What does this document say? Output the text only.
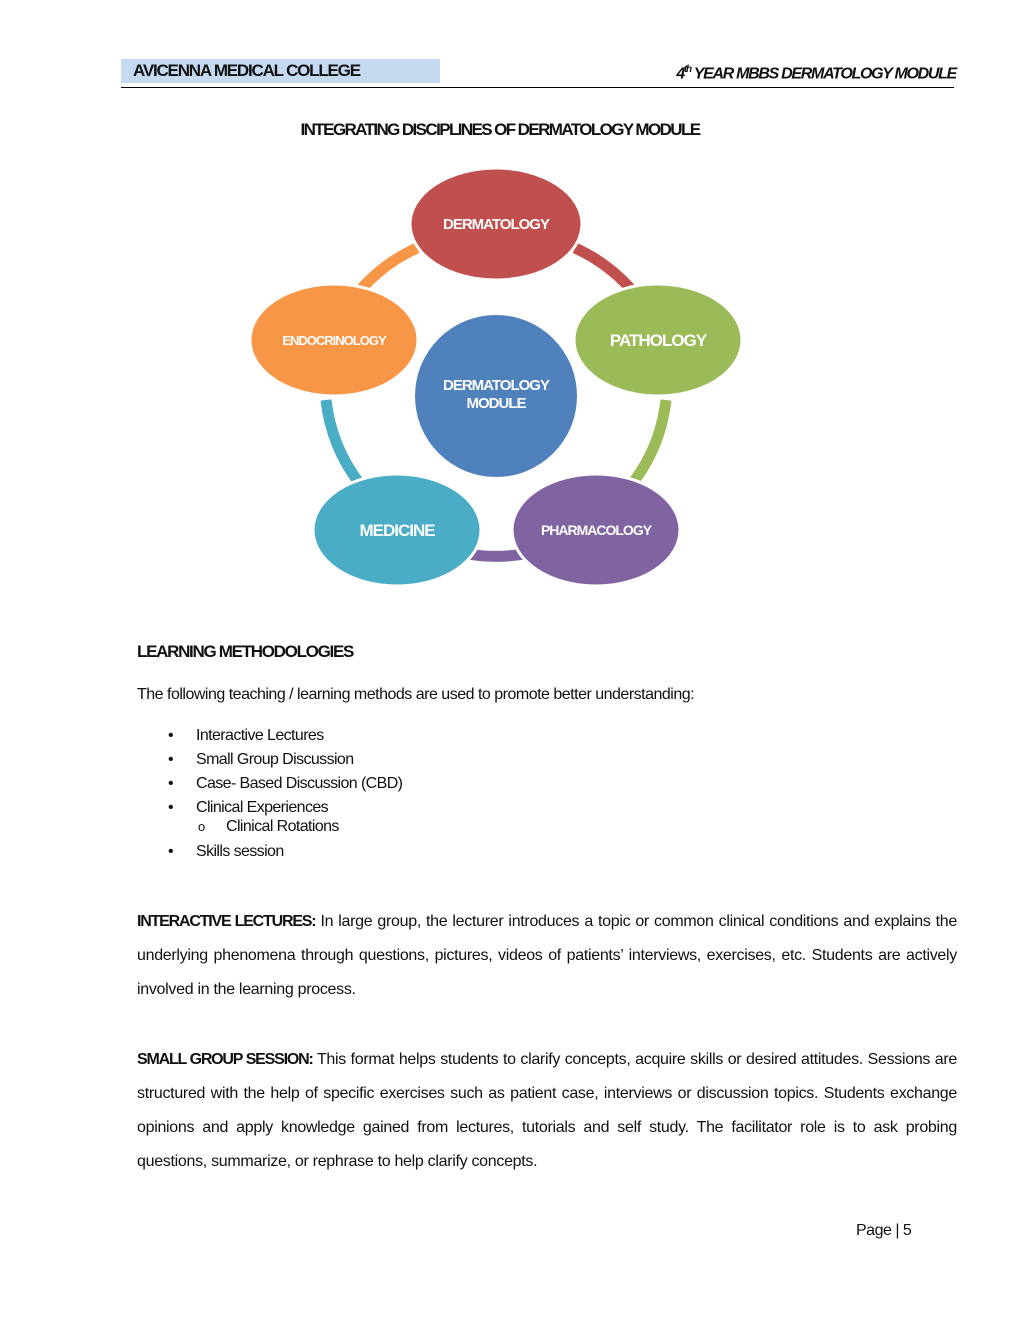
AVICENNA MEDICAL COLLEGE	4th YEAR MBBS DERMATOLOGY MODULE
INTEGRATING DISCIPLINES OF DERMATOLOGY MODULE
DERMATOLOGY
MODULE
DERMATOLOGY
PATHOLOGY
PHARMACOLOGY
MEDICINE
ENDOCRINOLOGY
LEARNING METHODOLOGIES
The following teaching / learning methods are used to promote better understanding:
• Interactive Lectures
• Small Group Discussion
• Case- Based Discussion (CBD)
• Clinical Experiences
o Clinical Rotations
• Skills session
INTERACTIVE LECTURES: In large group, the lecturer introduces a topic or common clinical conditions and explains the underlying phenomena through questions, pictures, videos of patients’ interviews, exercises, etc. Students are actively involved in the learning process.
SMALL GROUP SESSION: This format helps students to clarify concepts, acquire skills or desired attitudes. Sessions are structured with the help of specific exercises such as patient case, interviews or discussion topics. Students exchange opinions and apply knowledge gained from lectures, tutorials and self study. The facilitator role is to ask probing questions, summarize, or rephrase to help clarify concepts.
Page | 5
